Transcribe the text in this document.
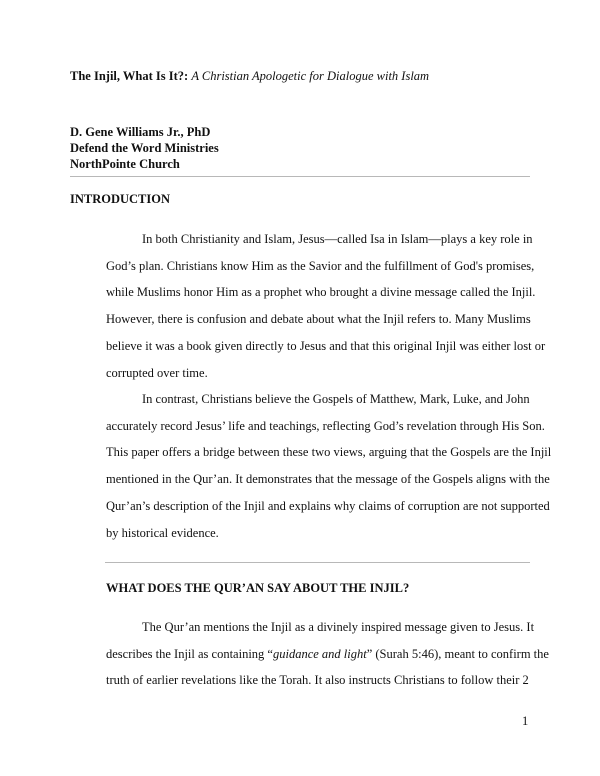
The Injil, What Is It?: A Christian Apologetic for Dialogue with Islam
D. Gene Williams Jr., PhD
Defend the Word Ministries
NorthPointe Church
INTRODUCTION
In both Christianity and Islam, Jesus—called Isa in Islam—plays a key role in
God’s plan. Christians know Him as the Savior and the fulfillment of God's promises,
while Muslims honor Him as a prophet who brought a divine message called the Injil.
However, there is confusion and debate about what the Injil refers to. Many Muslims
believe it was a book given directly to Jesus and that this original Injil was either lost or
corrupted over time.
In contrast, Christians believe the Gospels of Matthew, Mark, Luke, and John
accurately record Jesus’ life and teachings, reflecting God’s revelation through His Son.
This paper offers a bridge between these two views, arguing that the Gospels are the Injil
mentioned in the Qur’an. It demonstrates that the message of the Gospels aligns with the
Qur’an’s description of the Injil and explains why claims of corruption are not supported
by historical evidence.
WHAT DOES THE QUR’AN SAY ABOUT THE INJIL?
The Qur’an mentions the Injil as a divinely inspired message given to Jesus. It
describes the Injil as containing “guidance and light” (Surah 5:46), meant to confirm the
truth of earlier revelations like the Torah. It also instructs Christians to follow their 2
1
